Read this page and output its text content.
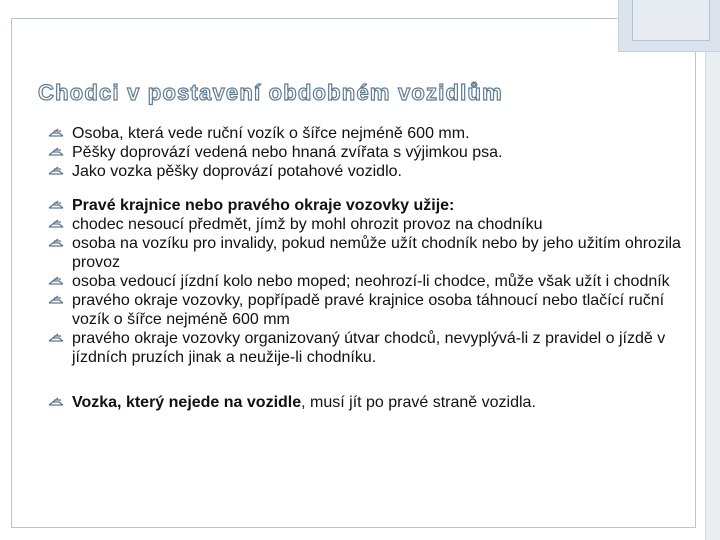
Chodci v postavení obdobném vozidlům
Osoba, která vede ruční vozík o šířce nejméně 600 mm.
Pěšky doprovází vedená nebo hnaná zvířata s výjimkou psa.
Jako vozka pěšky doprovází potahové vozidlo.
Pravé krajnice nebo pravého okraje vozovky užije:
chodec nesoucí předmět, jímž by mohl ohrozit provoz na chodníku
osoba na vozíku pro invalidy, pokud nemůže užít chodník nebo by jeho užitím ohrozila provoz
osoba vedoucí jízdní kolo nebo moped; neohrozí-li chodce, může však užít i chodník
pravého okraje vozovky, popřípadě pravé krajnice osoba táhnoucí nebo tlačící ruční vozík o šířce nejméně 600 mm
pravého okraje vozovky organizovaný útvar chodců, nevyplývá-li z pravidel o jízdě v jízdních pruzích jinak a neužije-li chodníku.
Vozka, který nejede na vozidle, musí jít po pravé straně vozidla.
